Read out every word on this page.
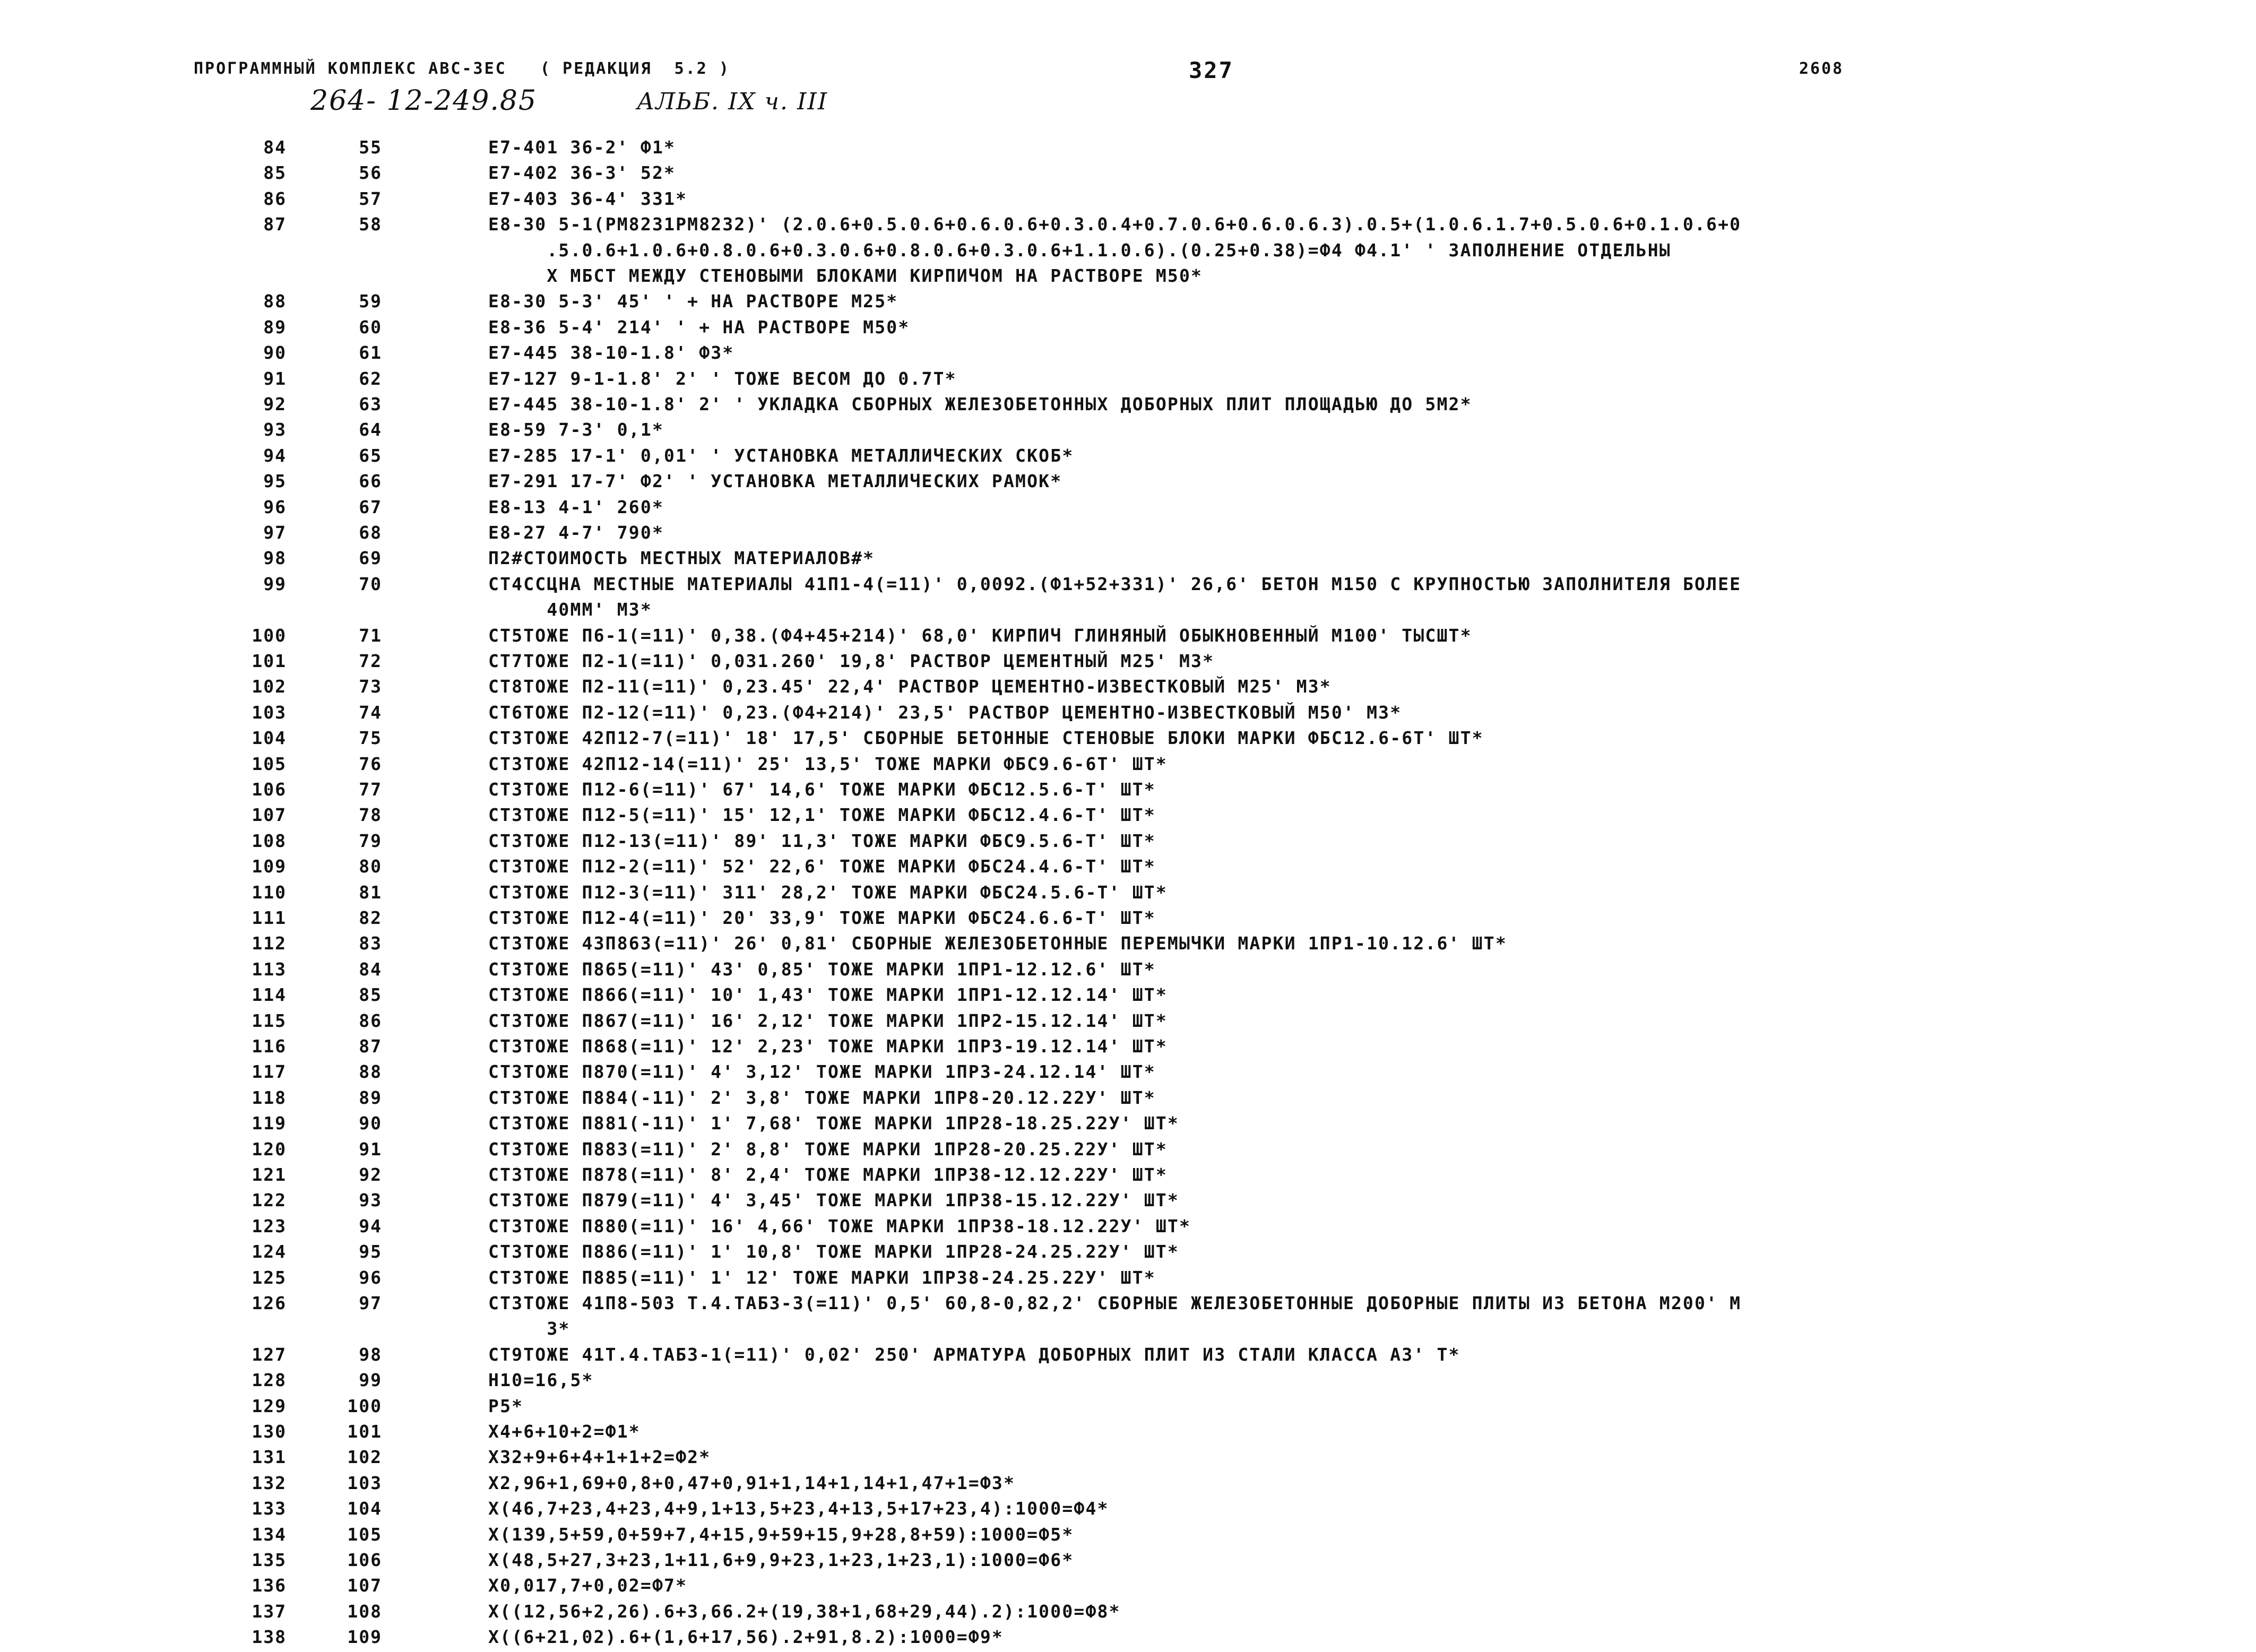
ПРОГРАММНЫЙ КОМПЛЕКС АВС-3ЕС   ( РЕДАКЦИЯ  5.2 )	327	2608
264- 12-249.85	АЛЬБ. IX ч. III
84	55	E7-401 36-2' Ф1*
85	56	E7-402 36-3' 52*
86	57	E7-403 36-4' 331*
87	58	E8-30 5-1(PM8231PM8232)' (2.0.6+0.5.0.6+0.6.0.6+0.3.0.4+0.7.0.6+0.6.0.6.3).0.5+(1.0.6.1.7+0.5.0.6+0.1.0.6+0
.5.0.6+1.0.6+0.8.0.6+0.3.0.6+0.8.0.6+0.3.0.6+1.1.0.6).(0.25+0.38)=Ф4 Ф4.1' ' ЗАПОЛНЕНИЕ ОТДЕЛЬНЫ
Х МБСТ МЕЖДУ СТЕНОВЫМИ БЛОКАМИ КИРПИЧОМ НА РАСТВОРЕ М50*
88	59	E8-30 5-3' 45' ' + НА РАСТВОРЕ М25*
89	60	E8-36 5-4' 214' ' + НА РАСТВОРЕ М50*
90	61	E7-445 38-10-1.8' Ф3*
91	62	E7-127 9-1-1.8' 2' ' ТОЖЕ ВЕСОМ ДО 0.7Т*
92	63	E7-445 38-10-1.8' 2' ' УКЛАДКА СБОРНЫХ ЖЕЛЕЗОБЕТОННЫХ ДОБОРНЫХ ПЛИТ ПЛОЩАДЬЮ ДО 5М2*
93	64	E8-59 7-3' 0,1*
94	65	E7-285 17-1' 0,01' ' УСТАНОВКА МЕТАЛЛИЧЕСКИХ СКОБ*
95	66	E7-291 17-7' Ф2' ' УСТАНОВКА МЕТАЛЛИЧЕСКИХ РАМОК*
96	67	E8-13 4-1' 260*
97	68	E8-27 4-7' 790*
98	69	П2#СТОИМОСТЬ МЕСТНЫХ МАТЕРИАЛОВ#*
99	70	СТ4ССЦНА МЕСТНЫЕ МАТЕРИАЛЫ 41П1-4(=11)' 0,0092.(Ф1+52+331)' 26,6' БЕТОН М150 С КРУПНОСТЬЮ ЗАПОЛНИТЕЛЯ БОЛЕЕ
40ММ' М3*
100	71	СТ5ТОЖЕ П6-1(=11)' 0,38.(Ф4+45+214)' 68,0' КИРПИЧ ГЛИНЯНЫЙ ОБЫКНОВЕННЫЙ М100' ТЫСШТ*
101	72	СТ7ТОЖЕ П2-1(=11)' 0,031.260' 19,8' РАСТВОР ЦЕМЕНТНЫЙ М25' М3*
102	73	СТ8ТОЖЕ П2-11(=11)' 0,23.45' 22,4' РАСТВОР ЦЕМЕНТНО-ИЗВЕСТКОВЫЙ М25' М3*
103	74	СТ6ТОЖЕ П2-12(=11)' 0,23.(Ф4+214)' 23,5' РАСТВОР ЦЕМЕНТНО-ИЗВЕСТКОВЫЙ М50' М3*
104	75	СТ3ТОЖЕ 42П12-7(=11)' 18' 17,5' СБОРНЫЕ БЕТОННЫЕ СТЕНОВЫЕ БЛОКИ МАРКИ ФБС12.6-6Т' ШТ*
105	76	СТ3ТОЖЕ 42П12-14(=11)' 25' 13,5' ТОЖЕ МАРКИ ФБС9.6-6Т' ШТ*
106	77	СТ3ТОЖЕ П12-6(=11)' 67' 14,6' ТОЖЕ МАРКИ ФБС12.5.6-Т' ШТ*
107	78	СТ3ТОЖЕ П12-5(=11)' 15' 12,1' ТОЖЕ МАРКИ ФБС12.4.6-Т' ШТ*
108	79	СТ3ТОЖЕ П12-13(=11)' 89' 11,3' ТОЖЕ МАРКИ ФБС9.5.6-Т' ШТ*
109	80	СТ3ТОЖЕ П12-2(=11)' 52' 22,6' ТОЖЕ МАРКИ ФБС24.4.6-Т' ШТ*
110	81	СТ3ТОЖЕ П12-3(=11)' 311' 28,2' ТОЖЕ МАРКИ ФБС24.5.6-Т' ШТ*
111	82	СТ3ТОЖЕ П12-4(=11)' 20' 33,9' ТОЖЕ МАРКИ ФБС24.6.6-Т' ШТ*
112	83	СТ3ТОЖЕ 43П863(=11)' 26' 0,81' СБОРНЫЕ ЖЕЛЕЗОБЕТОННЫЕ ПЕРЕМЫЧКИ МАРКИ 1ПР1-10.12.6' ШТ*
113	84	СТ3ТОЖЕ П865(=11)' 43' 0,85' ТОЖЕ МАРКИ 1ПР1-12.12.6' ШТ*
114	85	СТ3ТОЖЕ П866(=11)' 10' 1,43' ТОЖЕ МАРКИ 1ПР1-12.12.14' ШТ*
115	86	СТ3ТОЖЕ П867(=11)' 16' 2,12' ТОЖЕ МАРКИ 1ПР2-15.12.14' ШТ*
116	87	СТ3ТОЖЕ П868(=11)' 12' 2,23' ТОЖЕ МАРКИ 1ПР3-19.12.14' ШТ*
117	88	СТ3ТОЖЕ П870(=11)' 4' 3,12' ТОЖЕ МАРКИ 1ПР3-24.12.14' ШТ*
118	89	СТ3ТОЖЕ П884(-11)' 2' 3,8' ТОЖЕ МАРКИ 1ПР8-20.12.22У' ШТ*
119	90	СТ3ТОЖЕ П881(-11)' 1' 7,68' ТОЖЕ МАРКИ 1ПР28-18.25.22У' ШТ*
120	91	СТ3ТОЖЕ П883(=11)' 2' 8,8' ТОЖЕ МАРКИ 1ПР28-20.25.22У' ШТ*
121	92	СТ3ТОЖЕ П878(=11)' 8' 2,4' ТОЖЕ МАРКИ 1ПР38-12.12.22У' ШТ*
122	93	СТ3ТОЖЕ П879(=11)' 4' 3,45' ТОЖЕ МАРКИ 1ПР38-15.12.22У' ШТ*
123	94	СТ3ТОЖЕ П880(=11)' 16' 4,66' ТОЖЕ МАРКИ 1ПР38-18.12.22У' ШТ*
124	95	СТ3ТОЖЕ П886(=11)' 1' 10,8' ТОЖЕ МАРКИ 1ПР28-24.25.22У' ШТ*
125	96	СТ3ТОЖЕ П885(=11)' 1' 12' ТОЖЕ МАРКИ 1ПР38-24.25.22У' ШТ*
126	97	СТ3ТОЖЕ 41П8-503 Т.4.ТАБ3-3(=11)' 0,5' 60,8-0,82,2' СБОРНЫЕ ЖЕЛЕЗОБЕТОННЫЕ ДОБОРНЫЕ ПЛИТЫ ИЗ БЕТОНА М200' М
3*
127	98	СТ9ТОЖЕ 41Т.4.ТАБ3-1(=11)' 0,02' 250' АРМАТУРА ДОБОРНЫХ ПЛИТ ИЗ СТАЛИ КЛАССА А3' Т*
128	99	Н10=16,5*
129	100	Р5*
130	101	X4+6+10+2=Ф1*
131	102	X32+9+6+4+1+1+2=Ф2*
132	103	X2,96+1,69+0,8+0,47+0,91+1,14+1,14+1,47+1=Ф3*
133	104	X(46,7+23,4+23,4+9,1+13,5+23,4+13,5+17+23,4):1000=Ф4*
134	105	X(139,5+59,0+59+7,4+15,9+59+15,9+28,8+59):1000=Ф5*
135	106	X(48,5+27,3+23,1+11,6+9,9+23,1+23,1+23,1):1000=Ф6*
136	107	X0,017,7+0,02=Ф7*
137	108	X((12,56+2,26).6+3,66.2+(19,38+1,68+29,44).2):1000=Ф8*
138	109	X((6+21,02).6+(1,6+17,56).2+91,8.2):1000=Ф9*
